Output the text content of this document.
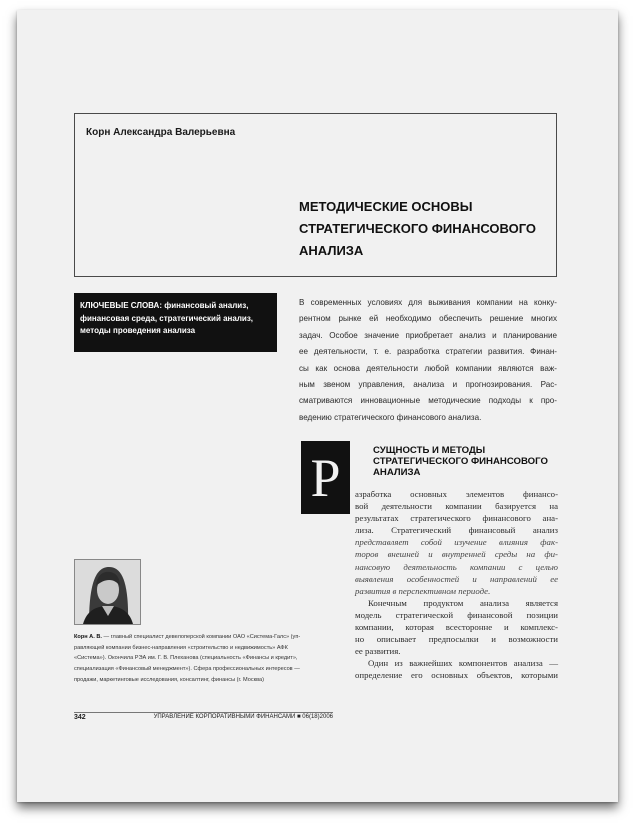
Корн Александра Валерьевна
МЕТОДИЧЕСКИЕ ОСНОВЫ
СТРАТЕГИЧЕСКОГО ФИНАНСОВОГО
АНАЛИЗА
КЛЮЧЕВЫЕ СЛОВА: финансовый анализ, финансовая среда, стратегический анализ, методы проведения анализа
В современных условиях для выживания компании на конку-
рентном рынке ей необходимо обеспечить решение многих
задач. Особое значение приобретает анализ и планирование
ее деятельности, т. е. разработка стратегии развития. Финан-
сы как основа деятельности любой компании являются важ-
ным звеном управления, анализа и прогнозирования. Рас-
сматриваются инновационные методические подходы к про-
ведению стратегического финансового анализа.
Р	СУЩНОСТЬ И МЕТОДЫ
СТРАТЕГИЧЕСКОГО ФИНАНСОВОГО
АНАЛИЗА
азработка основных элементов финансо-
вой деятельности компании базируется на
результатах стратегического финансового ана-
лиза. Стратегический финансовый анализ
представляет собой изучение влияния фак-
торов внешней и внутренней среды на фи-
нансовую деятельность компании с целью
выявления особенностей и направлений ее
развития в перспективном периоде.
Конечным продуктом анализа является
модель стратегической финансовой позиции
компании, которая всесторонне и комплекс-
но описывает предпосылки и возможности
ее развития.
Один из важнейших компонентов анализа —
определение его основных объектов, которыми
Корн А. В. — главный специалист девелоперской компании ОАО «Система-Галс» (уп-
равляющей компании бизнес-направления «строительство и недвижимость» АФК
«Система»). Окончила РЭА им. Г. В. Плеханова (специальность «Финансы и кредит»,
специализация «Финансовый менеджмент»). Сфера профессиональных интересов —
продажи, маркетинговые исследования, консалтинг, финансы (г. Москва)
342	УПРАВЛЕНИЕ КОРПОРАТИВНЫМИ ФИНАНСАМИ ■ 06(18)2006
